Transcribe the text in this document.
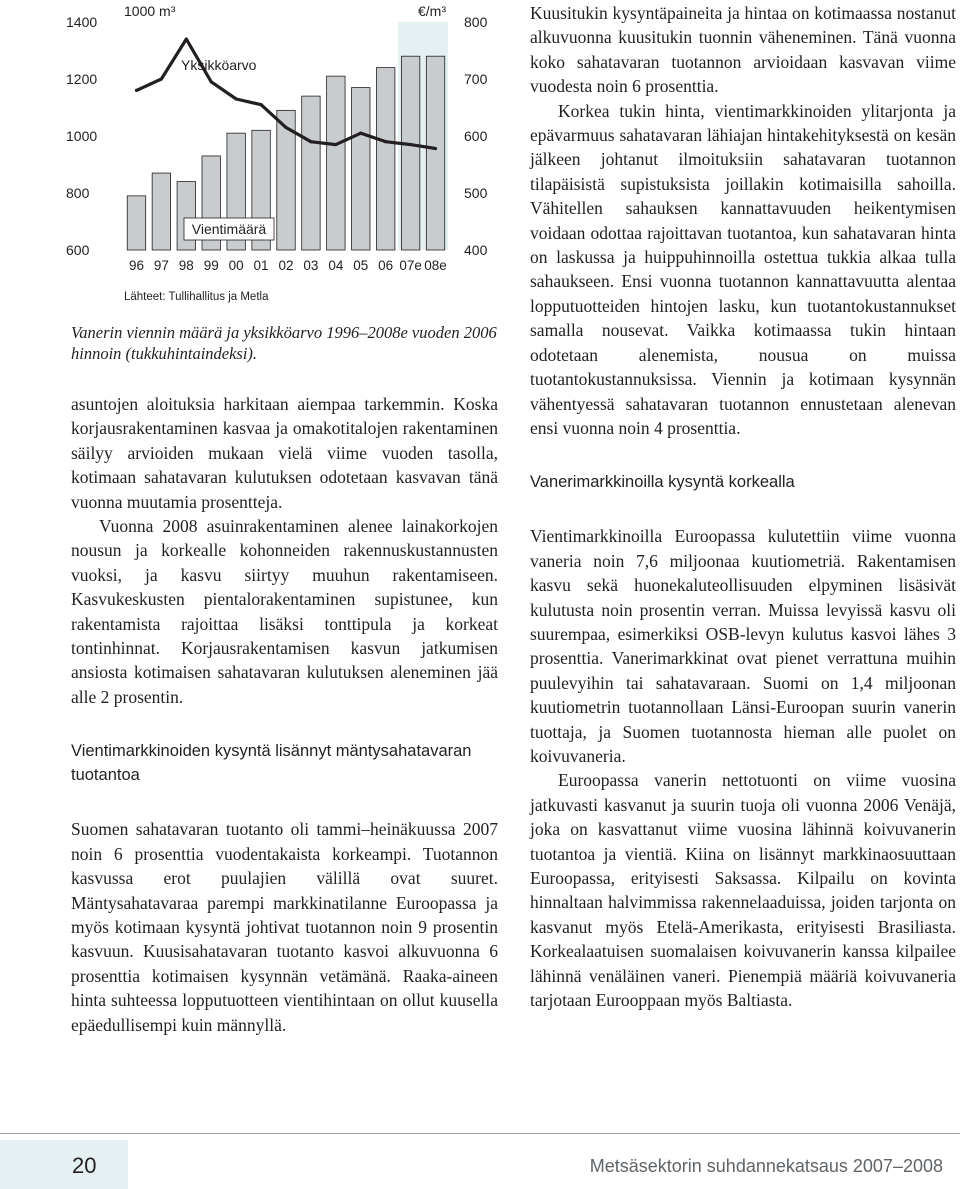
1400
1200
1000
800
600
800
700
600
500
400
96 97 98 99 00 01 02 03 04 05 06 07e 08e
1000 m³	€/m³
Yksikköarvo
Vientimäärä
Lähteet: Tullihallitus ja Metla

Vanerin viennin määrä ja yksikköarvo 1996–2008e vuoden 2006 hinnoin (tukkuhintaindeksi).

asuntojen aloituksia harkitaan aiempaa tarkemmin. Koska korjausrakentaminen kasvaa ja omakotitalojen rakentaminen säilyy arvioiden mukaan vielä viime vuoden tasolla, kotimaan sahatavaran kulutuksen odotetaan kasvavan tänä vuonna muutamia prosentteja.

Vuonna 2008 asuinrakentaminen alenee lainakorkojen nousun ja korkealle kohonneiden rakennuskustannusten vuoksi, ja kasvu siirtyy muuhun rakentamiseen. Kasvukeskusten pientalorakentaminen supistunee, kun rakentamista rajoittaa lisäksi tonttipula ja korkeat tontinhinnat. Korjausrakentamisen kasvun jatkumisen ansiosta kotimaisen sahatavaran kulutuksen aleneminen jää alle 2 prosentin.

Vientimarkkinoiden kysyntä lisännyt mäntysahatavaran tuotantoa

Suomen sahatavaran tuotanto oli tammi–heinäkuussa 2007 noin 6 prosenttia vuodentakaista korkeampi. Tuotannon kasvussa erot puulajien välillä ovat suuret. Mäntysahatavaraa parempi markkinatilanne Euroopassa ja myös kotimaan kysyntä johtivat tuotannon noin 9 prosentin kasvuun. Kuusisahatavaran tuotanto kasvoi alkuvuonna 6 prosenttia kotimaisen kysynnän vetämänä. Raaka-aineen hinta suhteessa lopputuotteen vientihintaan on ollut kuusella epäedullisempi kuin männyllä.

Kuusitukin kysyntäpaineita ja hintaa on kotimaassa nostanut alkuvuonna kuusitukin tuonnin väheneminen. Tänä vuonna koko sahatavaran tuotannon arvioidaan kasvavan viime vuodesta noin 6 prosenttia.

Korkea tukin hinta, vientimarkkinoiden ylitarjonta ja epävarmuus sahatavaran lähiajan hintakehityksestä on kesän jälkeen johtanut ilmoituksiin sahatavaran tuotannon tilapäisistä supistuksista joillakin kotimaisilla sahoilla. Vähitellen sahauksen kannattavuuden heikentymisen voidaan odottaa rajoittavan tuotantoa, kun sahatavaran hinta on laskussa ja huippuhinnoilla ostettua tukkia alkaa tulla sahaukseen. Ensi vuonna tuotannon kannattavuutta alentaa lopputuotteiden hintojen lasku, kun tuotantokustannukset samalla nousevat. Vaikka kotimaassa tukin hintaan odotetaan alenemista, nousua on muissa tuotantokustannuksissa. Viennin ja kotimaan kysynnän vähentyessä sahatavaran tuotannon ennustetaan alenevan ensi vuonna noin 4 prosenttia.

Vanerimarkkinoilla kysyntä korkealla

Vientimarkkinoilla Euroopassa kulutettiin viime vuonna vaneria noin 7,6 miljoonaa kuutiometriä. Rakentamisen kasvu sekä huonekaluteollisuuden elpyminen lisäsivät kulutusta noin prosentin verran. Muissa levyissä kasvu oli suurempaa, esimerkiksi OSB-levyn kulutus kasvoi lähes 3 prosenttia. Vanerimarkkinat ovat pienet verrattuna muihin puulevyihin tai sahatavaraan. Suomi on 1,4 miljoonan kuutiometrin tuotannollaan Länsi-Euroopan suurin vanerin tuottaja, ja Suomen tuotannosta hieman alle puolet on koivuvaneria.

Euroopassa vanerin nettotuonti on viime vuosina jatkuvasti kasvanut ja suurin tuoja oli vuonna 2006 Venäjä, joka on kasvattanut viime vuosina lähinnä koivuvanerin tuotantoa ja vientiä. Kiina on lisännyt markkinaosuuttaan Euroopassa, erityisesti Saksassa. Kilpailu on kovinta hinnaltaan halvimmissa rakennelaaduissa, joiden tarjonta on kasvanut myös Etelä-Amerikasta, erityisesti Brasiliasta. Korkealaatuisen suomalaisen koivuvanerin kanssa kilpailee lähinnä venäläinen vaneri. Pienempiä määriä koivuvaneria tarjotaan Eurooppaan myös Baltiasta.

20	Metsäsektorin suhdannekatsaus 2007–2008
